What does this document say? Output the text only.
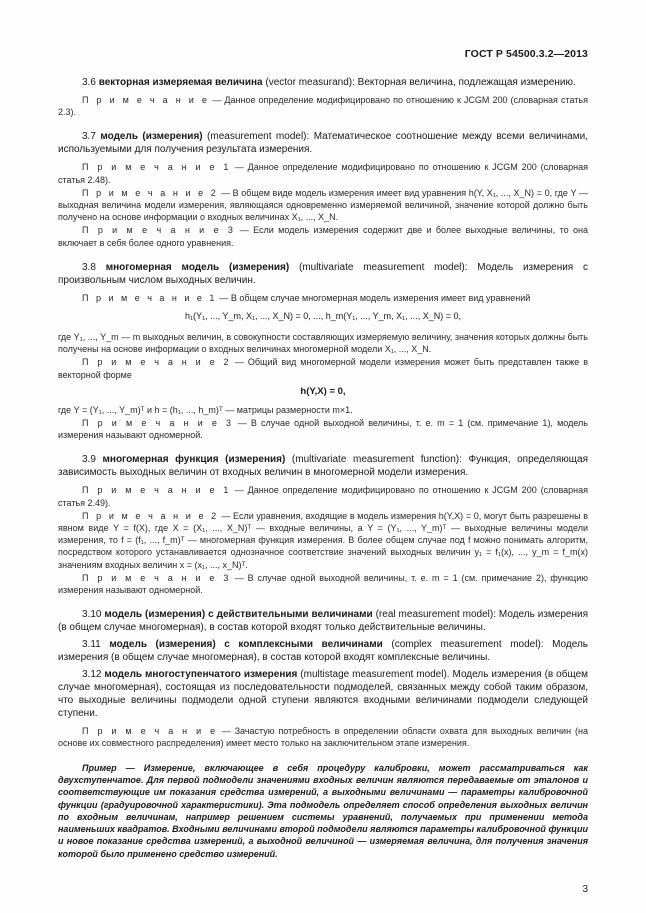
ГОСТ Р 54500.3.2—2013

3.6 векторная измеряемая величина (vector measurand): Векторная величина, подлежащая измерению.

П р и м е ч а н и е — Данное определение модифицировано по отношению к JCGM 200 (словарная статья 2.3).

3.7 модель (измерения) (measurement model): Математическое соотношение между всеми величинами, используемыми для получения результата измерения.

П р и м е ч а н и е 1 — Данное определение модифицировано по отношению к JCGM 200 (словарная статья 2.48).

П р и м е ч а н и е 2 — В общем виде модель измерения имеет вид уравнения h(Y, X₁, ..., X_N) = 0, где Y — выходная величина модели измерения, являющаяся одновременно измеряемой величиной, значение которой должно быть получено на основе информации о входных величинах X₁, ..., X_N.

П р и м е ч а н и е 3 — Если модель измерения содержит две и более выходные величины, то она включает в себя более одного уравнения.

3.8 многомерная модель (измерения) (multivariate measurement model): Модель измерения с произвольным числом выходных величин.

П р и м е ч а н и е 1 — В общем случае многомерная модель измерения имеет вид уравнений

h₁(Y₁, ..., Y_m, X₁, ..., X_N) = 0, ..., h_m(Y₁, ..., Y_m, X₁, ..., X_N) = 0,

где Y₁, ..., Y_m — m выходных величин, в совокупности составляющих измеряемую величину, значения которых должны быть получены на основе информации о входных величинах многомерной модели X₁, ..., X_N.

П р и м е ч а н и е 2 — Общий вид многомерной модели измерения может быть представлен также в векторной форме

h(Y,X) = 0,

где Y = (Y₁, ..., Y_m)ᵀ и h = (h₁, ..., h_m)ᵀ — матрицы размерности m×1.

П р и м е ч а н и е 3 — В случае одной выходной величины, т. е. m = 1 (см. примечание 1), модель измерения называют одномерной.

3.9 многомерная функция (измерения) (multivariate measurement function): Функция, определяющая зависимость выходных величин от входных величин в многомерной модели измерения.

П р и м е ч а н и е 1 — Данное определение модифицировано по отношению к JCGM 200 (словарная статья 2.49).

П р и м е ч а н и е 2 — Если уравнения, входящие в модель измерения h(Y,X) = 0, могут быть разрешены в явном виде Y = f(X), где X = (X₁, ..., X_N)ᵀ — входные величины, а Y = (Y₁, ..., Y_m)ᵀ — выходные величины модели измерения, то f = (f₁, ..., f_m)ᵀ — многомерная функция измерения. В более общем случае под f можно понимать алгоритм, посредством которого устанавливается однозначное соответствие значений выходных величин y₁ = f₁(x), ..., y_m = f_m(x) значениям входных величин x = (x₁, ..., x_N)ᵀ.

П р и м е ч а н и е 3 — В случае одной выходной величины, т. е. m = 1 (см. примечание 2), функцию измерения называют одномерной.

3.10 модель (измерения) с действительными величинами (real measurement model): Модель измерения (в общем случае многомерная), в состав которой входят только действительные величины.

3.11 модель (измерения) с комплексными величинами (complex measurement model): Модель измерения (в общем случае многомерная), в состав которой входят комплексные величины.

3.12 модель многоступенчатого измерения (multistage measurement model). Модель измерения (в общем случае многомерная), состоящая из последовательности подмоделей, связанных между собой таким образом, что выходные величины подмодели одной ступени являются входными величинами подмодели следующей ступени.

П р и м е ч а н и е — Зачастую потребность в определении области охвата для выходных величин (на основе их совместного распределения) имеет место только на заключительном этапе измерения.

Пример — Измерение, включающее в себя процедуру калибровки, может рассматриваться как двухступенчатое. Для первой подмодели значениями входных величин являются передаваемые от эталонов и соответствующие им показания средства измерений, а выходными величинами — параметры калибровочной функции (градуировочной характеристики). Эта подмодель определяет способ определения выходных величин по входным величинам, например решением системы уравнений, получаемых при применении метода наименьших квадратов. Входными величинами второй подмодели являются параметры калибровочной функции и новое показание средства измерений, а выходной величиной — измеряемая величина, для получения значения которой было применено средство измерений.

3
